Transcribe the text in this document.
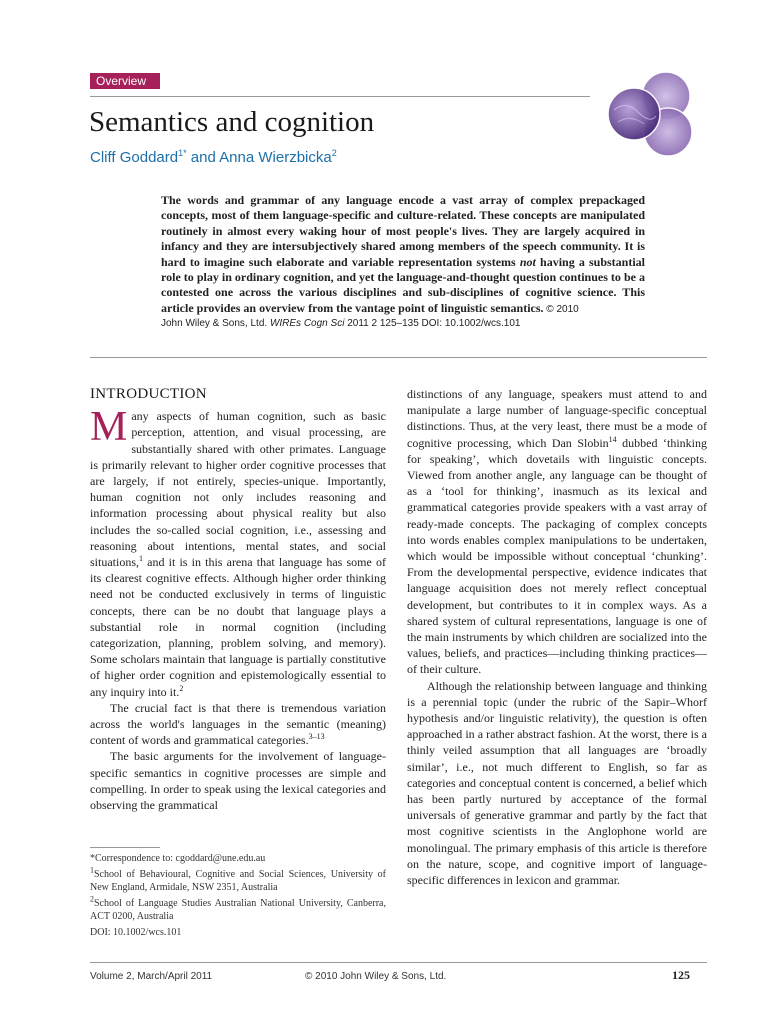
Overview
Semantics and cognition
Cliff Goddard$^{1*}$ and Anna Wierzbicka$^2$

The words and grammar of any language encode a vast array of complex prepackaged concepts, most of them language-specific and culture-related. These concepts are manipulated routinely in almost every waking hour of most people's lives. They are largely acquired in infancy and they are intersubjectively shared among members of the speech community. It is hard to imagine such elaborate and variable representation systems not having a substantial role to play in ordinary cognition, and yet the language-and-thought question continues to be a contested one across the various disciplines and sub-disciplines of cognitive science. This article provides an overview from the vantage point of linguistic semantics. © 2010

John Wiley & Sons, Ltd. WIREs Cogn Sci 2011 2 125–135 DOI: 10.1002/wcs.101

INTRODUCTION

Many aspects of human cognition, such as basic perception, attention, and visual processing, are substantially shared with other primates. Language is primarily relevant to higher order cognitive processes that are largely, if not entirely, species-unique. Importantly, human cognition not only includes reasoning and information processing about physical reality but also includes the so-called social cognition, i.e., assessing and reasoning about intentions, mental states, and social situations,$^1$ and it is in this arena that language has some of its clearest cognitive effects. Although higher order thinking need not be conducted exclusively in terms of linguistic concepts, there can be no doubt that language plays a substantial role in normal cognition (including categorization, planning, problem solving, and memory). Some scholars maintain that language is partially constitutive of higher order cognition and epistemologically essential to any inquiry into it.$^2$

The crucial fact is that there is tremendous variation across the world's languages in the semantic (meaning) content of words and grammatical categories.$^{3-13}$

The basic arguments for the involvement of language-specific semantics in cognitive processes are simple and compelling. In order to speak using the lexical categories and observing the grammatical

distinctions of any language, speakers must attend to and manipulate a large number of language-specific conceptual distinctions. Thus, at the very least, there must be a mode of cognitive processing, which Dan Slobin$^{14}$ dubbed ‘thinking for speaking’, which dovetails with linguistic concepts. Viewed from another angle, any language can be thought of as a ‘tool for thinking’, inasmuch as its lexical and grammatical categories provide speakers with a vast array of ready-made concepts. The packaging of complex concepts into words enables complex manipulations to be undertaken, which would be impossible without conceptual ‘chunking’. From the developmental perspective, evidence indicates that language acquisition does not merely reflect conceptual development, but contributes to it in complex ways. As a shared system of cultural representations, language is one of the main instruments by which children are socialized into the values, beliefs, and practices—including thinking practices—of their culture.

Although the relationship between language and thinking is a perennial topic (under the rubric of the Sapir–Whorf hypothesis and/or linguistic relativity), the question is often approached in a rather abstract fashion. At the worst, there is a thinly veiled assumption that all languages are ‘broadly similar’, i.e., not much different to English, so far as categories and conceptual content is concerned, a belief which has been partly nurtured by acceptance of the formal universals of generative grammar and partly by the fact that most cognitive scientists in the Anglophone world are monolingual. The primary emphasis of this article is therefore on the nature, scope, and cognitive import of language-specific differences in lexicon and grammar.

*Correspondence to: cgoddard@une.edu.au

$^1$School of Behavioural, Cognitive and Social Sciences, University of New England, Armidale, NSW 2351, Australia

$^2$School of Language Studies Australian National University, Canberra, ACT 0200, Australia

DOI: 10.1002/wcs.101

Volume 2, March/April 2011	© 2010 John Wiley & Sons, Ltd.	125
